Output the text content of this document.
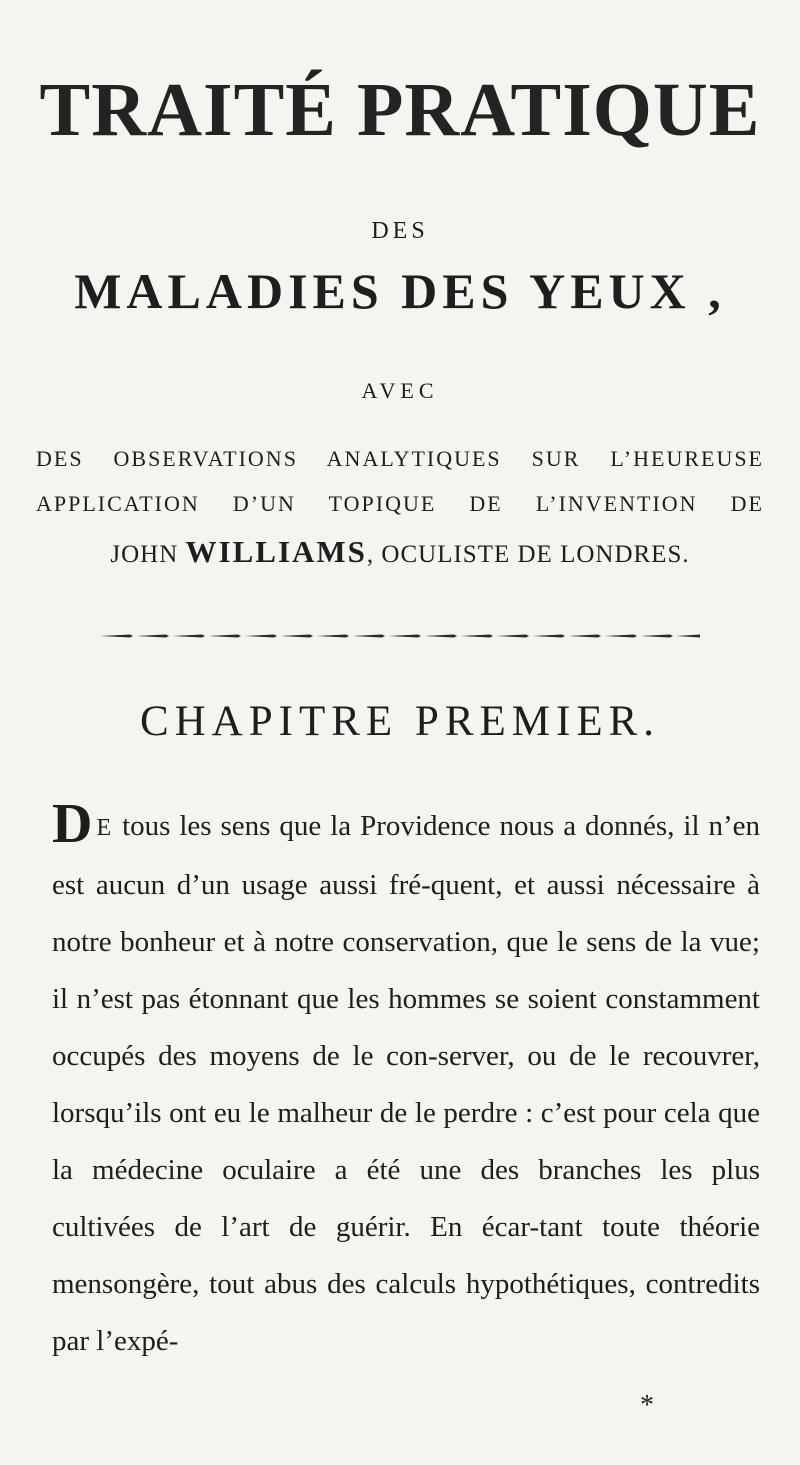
TRAITÉ PRATIQUE
DES
MALADIES DES YEUX ,
AVEC
DES OBSERVATIONS ANALYTIQUES SUR L’HEUREUSE
APPLICATION D’UN TOPIQUE DE L’INVENTION DE
JOHN WILLIAMS, OCULISTE DE LONDRES.
CHAPITRE PREMIER.
D E tous les sens que la Providence nous a donnés, il n’en est aucun d’un usage aussi fré-quent, et aussi nécessaire à notre bonheur et à notre conservation, que le sens de la vue; il n’est pas étonnant que les hommes se soient constamment occupés des moyens de le con-server, ou de le recouvrer, lorsqu’ils ont eu le malheur de le perdre : c’est pour cela que la médecine oculaire a été une des branches les plus cultivées de l’art de guérir. En écar-tant toute théorie mensongère, tout abus des calculs hypothétiques, contredits par l’expé-
*
